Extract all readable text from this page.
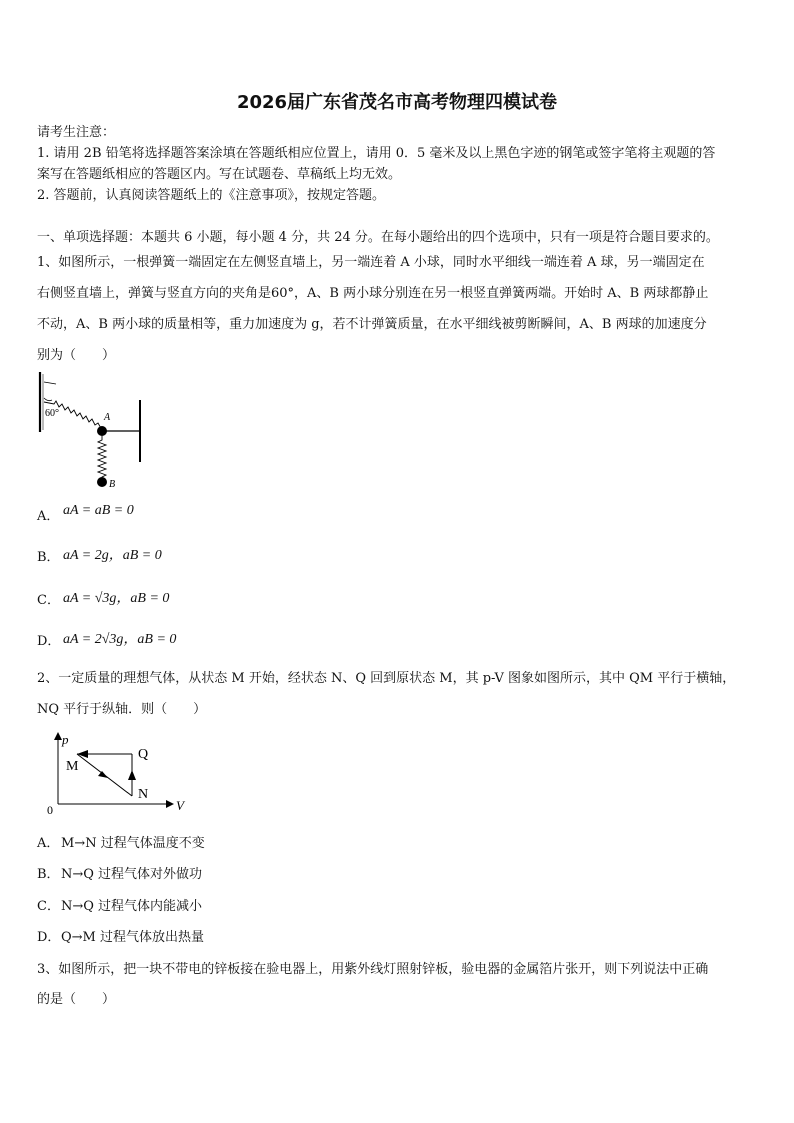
2026届广东省茂名市高考物理四模试卷
请考生注意：
1. 请用 2B 铅笔将选择题答案涂填在答题纸相应位置上，请用 0．5 毫米及以上黑色字迹的钢笔或签字笔将主观题的答
案写在答题纸相应的答题区内。写在试题卷、草稿纸上均无效。
2. 答题前，认真阅读答题纸上的《注意事项》，按规定答题。
一、单项选择题：本题共 6 小题，每小题 4 分，共 24 分。在每小题给出的四个选项中，只有一项是符合题目要求的。
1、如图所示，一根弹簧一端固定在左侧竖直墙上，另一端连着 A 小球，同时水平细线一端连着 A 球，另一端固定在
右侧竖直墙上，弹簧与竖直方向的夹角是60°，A、B 两小球分别连在另一根竖直弹簧两端。开始时 A、B 两球都静止
不动，A、B 两小球的质量相等，重力加速度为 g，若不计弹簧质量，在水平细线被剪断瞬间，A、B 两球的加速度分
别为（　　）
60°	A
B
A． aA = aB = 0
B． aA = 2g，aB = 0
C． aA = √3g，aB = 0
D． aA = 2√3g，aB = 0
2、一定质量的理想气体，从状态 M 开始，经状态 N、Q 回到原状态 M，其 p-V 图象如图所示，其中 QM 平行于横轴，
NQ 平行于纵轴．则（　　）
p
V
0
M
Q
N
A． M→N 过程气体温度不变
B． N→Q 过程气体对外做功
C． N→Q 过程气体内能减小
D． Q→M 过程气体放出热量
3、如图所示，把一块不带电的锌板接在验电器上，用紫外线灯照射锌板，验电器的金属箔片张开，则下列说法中正确
的是（　　）
